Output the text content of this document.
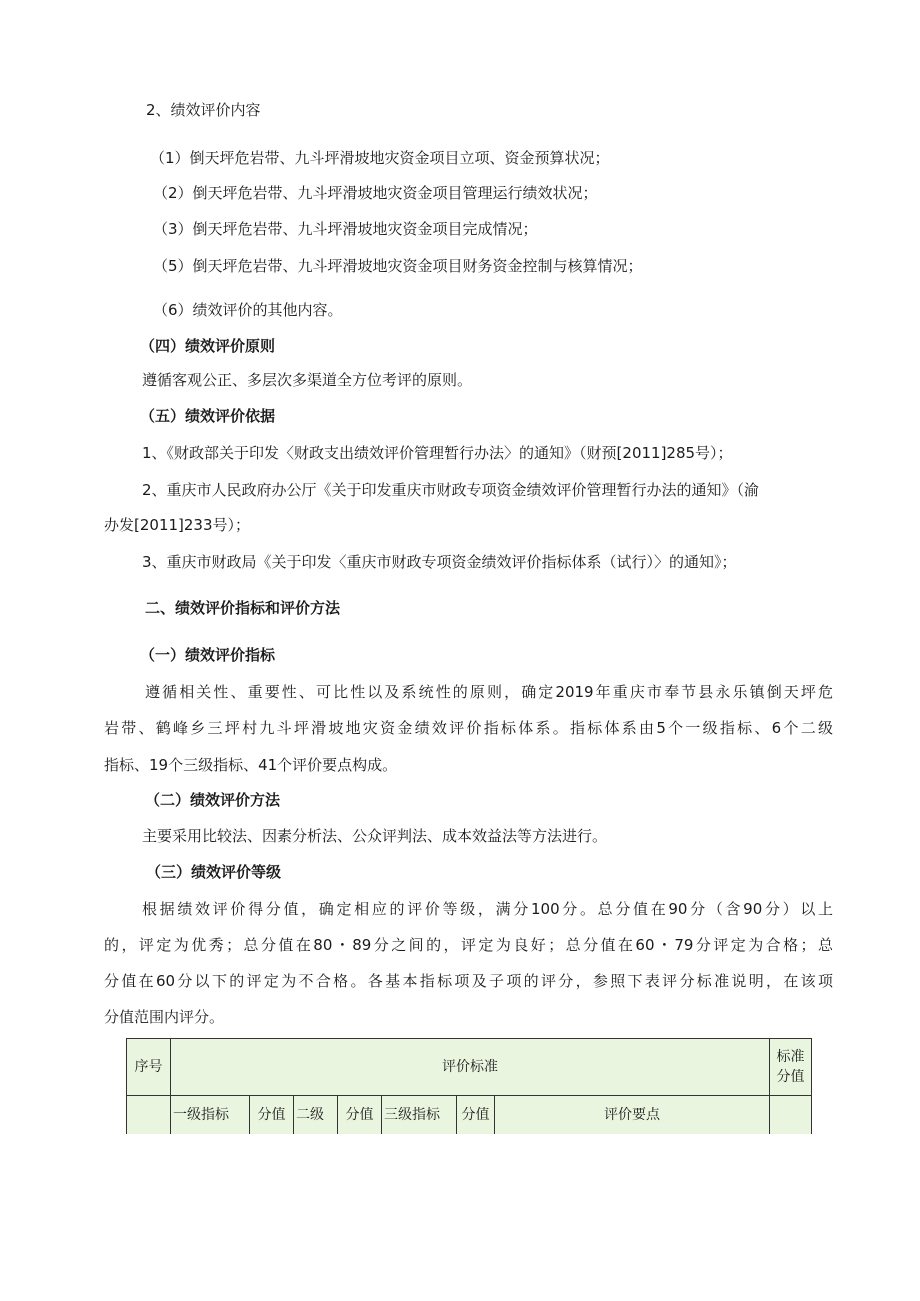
2、绩效评价内容
（1）倒天坪危岩带、九斗坪滑坡地灾资金项目立项、资金预算状况；
（2）倒天坪危岩带、九斗坪滑坡地灾资金项目管理运行绩效状况；
（3）倒天坪危岩带、九斗坪滑坡地灾资金项目完成情况；
（5）倒天坪危岩带、九斗坪滑坡地灾资金项目财务资金控制与核算情况；
（6）绩效评价的其他内容。
（四）绩效评价原则
遵循客观公正、多层次多渠道全方位考评的原则。
（五）绩效评价依据
1、《财政部关于印发〈财政支出绩效评价管理暂行办法〉的通知》（财预[2011]285号）；
2、重庆市人民政府办公厅《关于印发重庆市财政专项资金绩效评价管理暂行办法的通知》（渝
办发[2011]233号）；
3、重庆市财政局《关于印发〈重庆市财政专项资金绩效评价指标体系（试行）〉的通知》；
二、绩效评价指标和评价方法
（一）绩效评价指标
遵循相关性、重要性、可比性以及系统性的原则，确定2019年重庆市奉节县永乐镇倒天坪危
岩带、鹤峰乡三坪村九斗坪滑坡地灾资金绩效评价指标体系。指标体系由5个一级指标、6个二级
指标、19个三级指标、41个评价要点构成。
（二）绩效评价方法
主要采用比较法、因素分析法、公众评判法、成本效益法等方法进行。
（三）绩效评价等级
根据绩效评价得分值，确定相应的评价等级，满分100分。总分值在90分（含90分）以上
的，评定为优秀；总分值在80・89分之间的，评定为良好；总分值在60・79分评定为合格；总
分值在60分以下的评定为不合格。各基本指标项及子项的评分，参照下表评分标准说明，在该项
分值范围内评分。
序号	评价标准							标准
分值

	一级指标	分值	二级	分值	三级指标	分值	评价要点	
